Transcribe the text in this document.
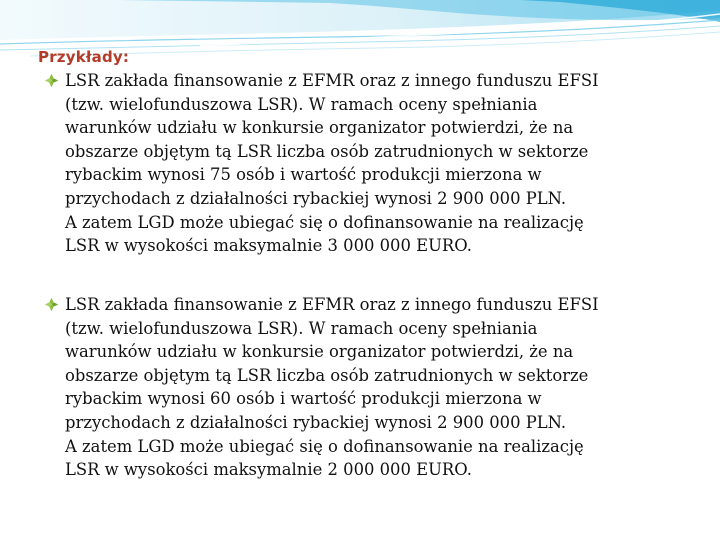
Przykłady:
LSR zakłada finansowanie z EFMR oraz z innego funduszu EFSI
(tzw. wielofunduszowa LSR). W ramach oceny spełniania
warunków udziału w konkursie organizator potwierdzi, że na
obszarze objętym tą LSR liczba osób zatrudnionych w sektorze
rybackim wynosi 75 osób i wartość produkcji mierzona w
przychodach z działalności rybackiej wynosi 2 900 000 PLN.
A zatem LGD może ubiegać się o dofinansowanie na realizację
LSR w wysokości maksymalnie 3 000 000 EURO.
LSR zakłada finansowanie z EFMR oraz z innego funduszu EFSI
(tzw. wielofunduszowa LSR). W ramach oceny spełniania
warunków udziału w konkursie organizator potwierdzi, że na
obszarze objętym tą LSR liczba osób zatrudnionych w sektorze
rybackim wynosi 60 osób i wartość produkcji mierzona w
przychodach z działalności rybackiej wynosi 2 900 000 PLN.
A zatem LGD może ubiegać się o dofinansowanie na realizację
LSR w wysokości maksymalnie 2 000 000 EURO.
